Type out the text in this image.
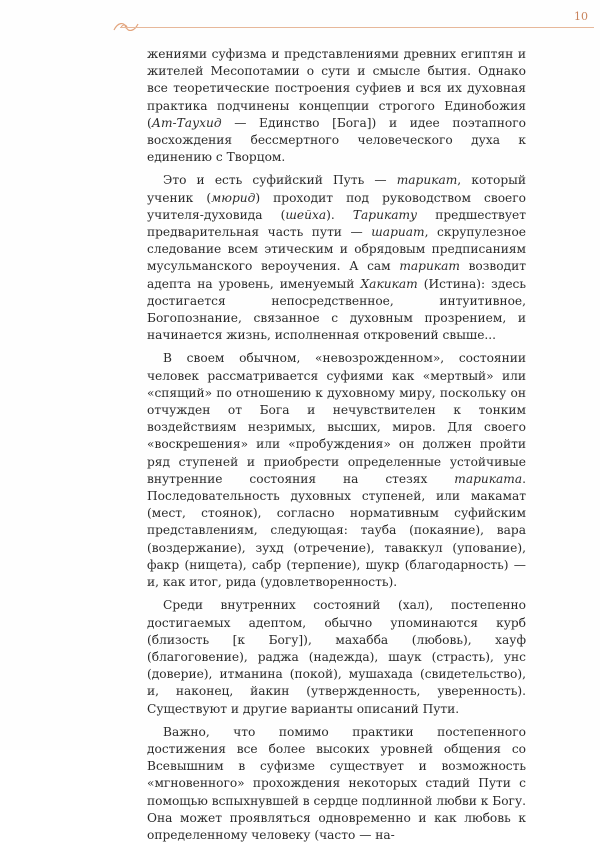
10

жениями суфизма и представлениями древних египтян и жителей Месопотамии о сути и смысле бытия. Однако все теоретические построения суфиев и вся их духовная практика подчинены концепции строгого Единобожия (Ат-Таухид — Единство [Бога]) и идее поэтапного восхождения бессмертного человеческого духа к единению с Творцом.

Это и есть суфийский Путь — тарикат, который ученик (мюрид) проходит под руководством своего учителя-духовида (шейха). Тарикату предшествует предварительная часть пути — шариат, скрупулезное следование всем этическим и обрядовым предписаниям мусульманского вероучения. А сам тарикат возводит адепта на уровень, именуемый Хакикат (Истина): здесь достигается непосредственное, интуитивное, Богопознание, связанное с духовным прозрением, и начинается жизнь, исполненная откровений свыше...

В своем обычном, «невозрожденном», состоянии человек рассматривается суфиями как «мертвый» или «спящий» по отношению к духовному миру, поскольку он отчужден от Бога и нечувствителен к тонким воздействиям незримых, высших, миров. Для своего «воскрешения» или «пробуждения» он должен пройти ряд ступеней и приобрести определенные устойчивые внутренние состояния на стезях тариката. Последовательность духовных ступеней, или макамат (мест, стоянок), согласно нормативным суфийским представлениям, следующая: тауба (покаяние), вара (воздержание), зухд (отречение), таваккул (упование), факр (нищета), сабр (терпение), шукр (благодарность) — и, как итог, рида (удовлетворенность).

Среди внутренних состояний (хал), постепенно достигаемых адептом, обычно упоминаются курб (близость [к Богу]), махабба (любовь), хауф (благоговение), раджа (надежда), шаук (страсть), унс (доверие), итманина (покой), мушахада (свидетельство), и, наконец, йакин (утвержденность, уверенность). Существуют и другие варианты описаний Пути.

Важно, что помимо практики постепенного достижения все более высоких уровней общения со Всевышним в суфизме существует и возможность «мгновенного» прохождения некоторых стадий Пути с помощью вспыхнувшей в сердце подлинной любви к Богу. Она может проявляться одновременно и как любовь к определенному человеку (часто — на-
